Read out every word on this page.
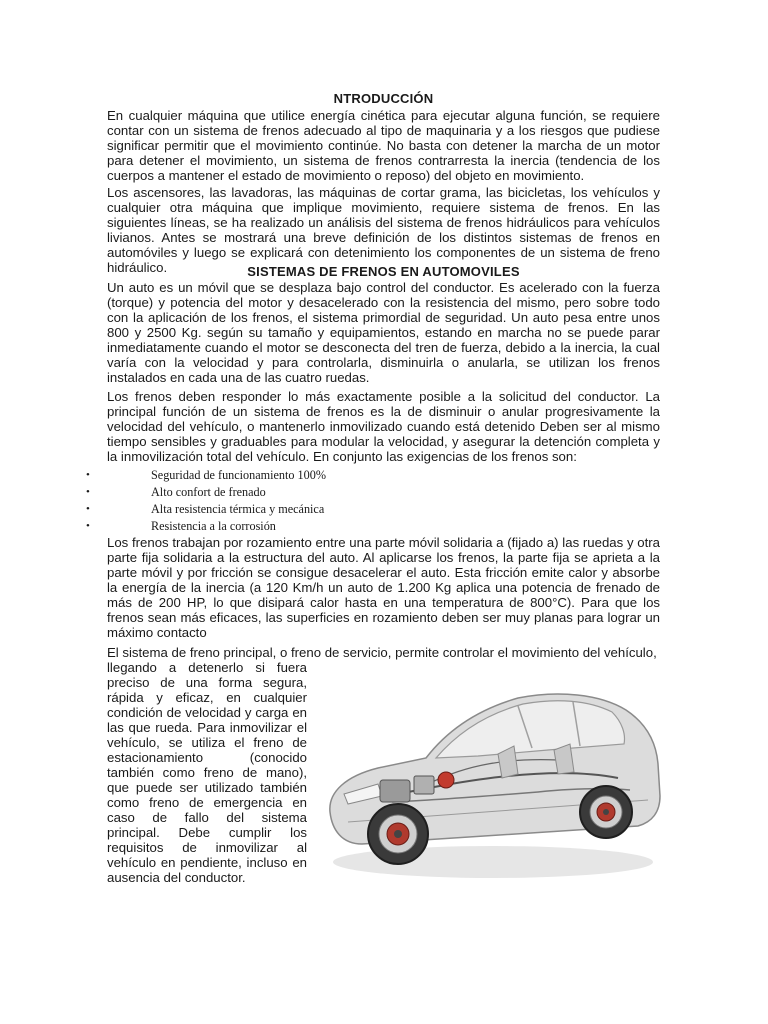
NTRODUCCIÓN
En cualquier máquina que utilice energía cinética para ejecutar alguna función, se requiere contar con un sistema de frenos adecuado al tipo de maquinaria y a los riesgos que pudiese significar permitir que el movimiento continúe. No basta con detener la marcha de un motor para detener el movimiento, un sistema de frenos contrarresta la inercia (tendencia de los cuerpos a mantener el estado de movimiento o reposo) del objeto en movimiento.
Los ascensores, las lavadoras, las máquinas de cortar grama, las bicicletas, los vehículos y cualquier otra máquina que implique movimiento, requiere sistema de frenos. En las siguientes líneas, se ha realizado un análisis del sistema de frenos hidráulicos para vehículos livianos. Antes se mostrará una breve definición de los distintos sistemas de frenos en automóviles y luego se explicará con detenimiento los componentes de un sistema de freno hidráulico.	SISTEMAS DE FRENOS EN AUTOMOVILES
Un auto es un móvil que se desplaza bajo control del conductor. Es acelerado con la fuerza (torque) y potencia del motor y desacelerado con la resistencia del mismo, pero sobre todo con la aplicación de los frenos, el sistema primordial de seguridad. Un auto pesa entre unos 800 y 2500 Kg. según su tamaño y equipamientos, estando en marcha no se puede parar inmediatamente cuando el motor se desconecta del tren de fuerza, debido a la inercia, la cual varía con la velocidad y para controlarla, disminuirla o anularla, se utilizan los frenos instalados en cada una de las cuatro ruedas.
Los frenos deben responder lo más exactamente posible a la solicitud del conductor. La principal función de un sistema de frenos es la de disminuir o anular progresivamente la velocidad del vehículo, o mantenerlo inmovilizado cuando está detenido Deben ser al mismo tiempo sensibles y graduables para modular la velocidad, y asegurar la detención completa y la inmovilización total del vehículo. En conjunto las exigencias de los frenos son:
•	Seguridad de funcionamiento 100%
•	Alto confort de frenado
•	Alta resistencia térmica y mecánica
•	Resistencia a la corrosión
Los frenos trabajan por rozamiento entre una parte móvil solidaria a (fijado a) las ruedas y otra parte fija solidaria a la estructura del auto. Al aplicarse los frenos, la parte fija se aprieta a la parte móvil y por fricción se consigue desacelerar el auto. Esta fricción emite calor y absorbe la energía de la inercia (a 120 Km/h un auto de 1.200 Kg aplica una potencia de frenado de más de 200 HP, lo que disipará calor hasta en una temperatura de 800°C). Para que los frenos sean más eficaces, las superficies en rozamiento deben ser muy planas para lograr un máximo contacto
El sistema de freno principal, o freno de servicio, permite controlar el movimiento del vehículo,
llegando a detenerlo si fuera preciso de una forma segura, rápida y eficaz, en cualquier condición de velocidad y carga en las que rueda. Para inmovilizar el vehículo, se utiliza el freno de estacionamiento (conocido también como freno de mano), que puede ser utilizado también como freno de emergencia en caso de fallo del sistema principal. Debe cumplir los requisitos de inmovilizar al vehículo en pendiente, incluso en ausencia del conductor.
